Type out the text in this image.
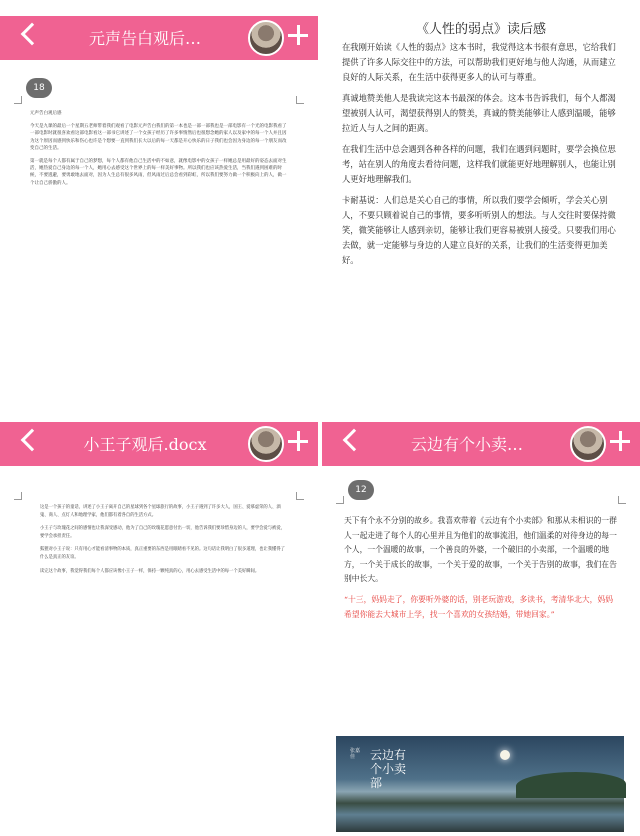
元声告白观后…
18

元声告白观后感

今天是九课的最后一个星期五老师带着我们观看了电影元声告白我们的第一本也是一部一部我也是一部电影有一个光的电影我看了一部电影时就很喜欢看这部电影看这一部书它讲述了一个女孩子经历了许多事情然后也很想念她的家人以及家中的每一个人并且因为这个原因而感到快乐和伤心也许是个想要一直到我们长大以后的每一天都是开心快乐的日子我们也会因为身边的每一个朋友而改变自己的生活。

第一就是每个人都有属于自己的梦想，每个人都有他自己生活中的不如意，就像电影中的女孩子一样她总是用最好的姿态去面对生活，她热爱自己身边的每一个人，她用心去感受这个世界上的每一样美好事物。所以我们也应该热爱生活，当我们遇到困难的时候，不要逃避，要勇敢地去面对，因为人生总有很多风雨，但风雨过后总会看到彩虹，所以我们要努力做一个积极向上的人，做一个让自己骄傲的人。

《人性的弱点》读后感

在我刚开始读《人性的弱点》这本书时，我觉得这本书很有意思，它给我们提供了许多人际交往中的方法，可以帮助我们更好地与他人沟通，从而建立良好的人际关系，在生活中获得更多人的认可与尊重。

真诚地赞美他人是我读完这本书最深的体会。这本书告诉我们，每个人都渴望被别人认可，渴望获得别人的赞美，真诚的赞美能够让人感到温暖，能够拉近人与人之间的距离。

在我们生活中总会遇到各种各样的问题，我们在遇到问题时，要学会换位思考，站在别人的角度去看待问题，这样我们就能更好地理解别人，也能让别人更好地理解我们。

卡耐基说：人们总是关心自己的事情，所以我们要学会倾听，学会关心别人，不要只顾着说自己的事情，要多听听别人的想法。与人交往时要保持微笑，微笑能够让人感到亲切，能够让我们更容易被别人接受。只要我们用心去做，就一定能够与身边的人建立良好的关系，让我们的生活变得更加美好。

小王子观后.docx

这是一个孩子的童话，讲述了小王子离开自己的星球到各个星球旅行的故事，小王子遇到了许多大人，国王、爱慕虚荣的人、酒鬼、商人、点灯人和地理学家，他们都有着各自的生活方式。

小王子与玫瑰花之间的感情也让我深受感动，他为了自己的玫瑰花愿意付出一切，他告诉我们要珍惜身边的人，要学会爱与被爱，要学会承担责任。

狐狸对小王子说：只有用心才能看清事物的本质，真正重要的东西是用眼睛看不见的。这句话让我明白了很多道理，也让我懂得了什么是真正的友谊。

读完这个故事，我觉得我们每个人都应该像小王子一样，保持一颗纯真的心，用心去感受生活中的每一个美好瞬间。

云边有个小卖…
12

天下有个永不分别的故乡。我喜欢带着《云边有个小卖部》和那从未相识的一群人一起走进了每个人的心里并且为他们的故事流泪，他们温柔的对待身边的每一个人，一个温暖的故事，一个善良的外婆，一个破旧的小卖部，一个温暖的地方，一个关于成长的故事，一个关于爱的故事，一个关于告别的故事，我们在告别中长大。

“十三，妈妈走了，你要听外婆的话，别老玩游戏，多读书，考清华北大，妈妈希望你能去大城市上学，找一个喜欢的女孩结婚，带她回家。”

张嘉佳	云边有个小卖部
